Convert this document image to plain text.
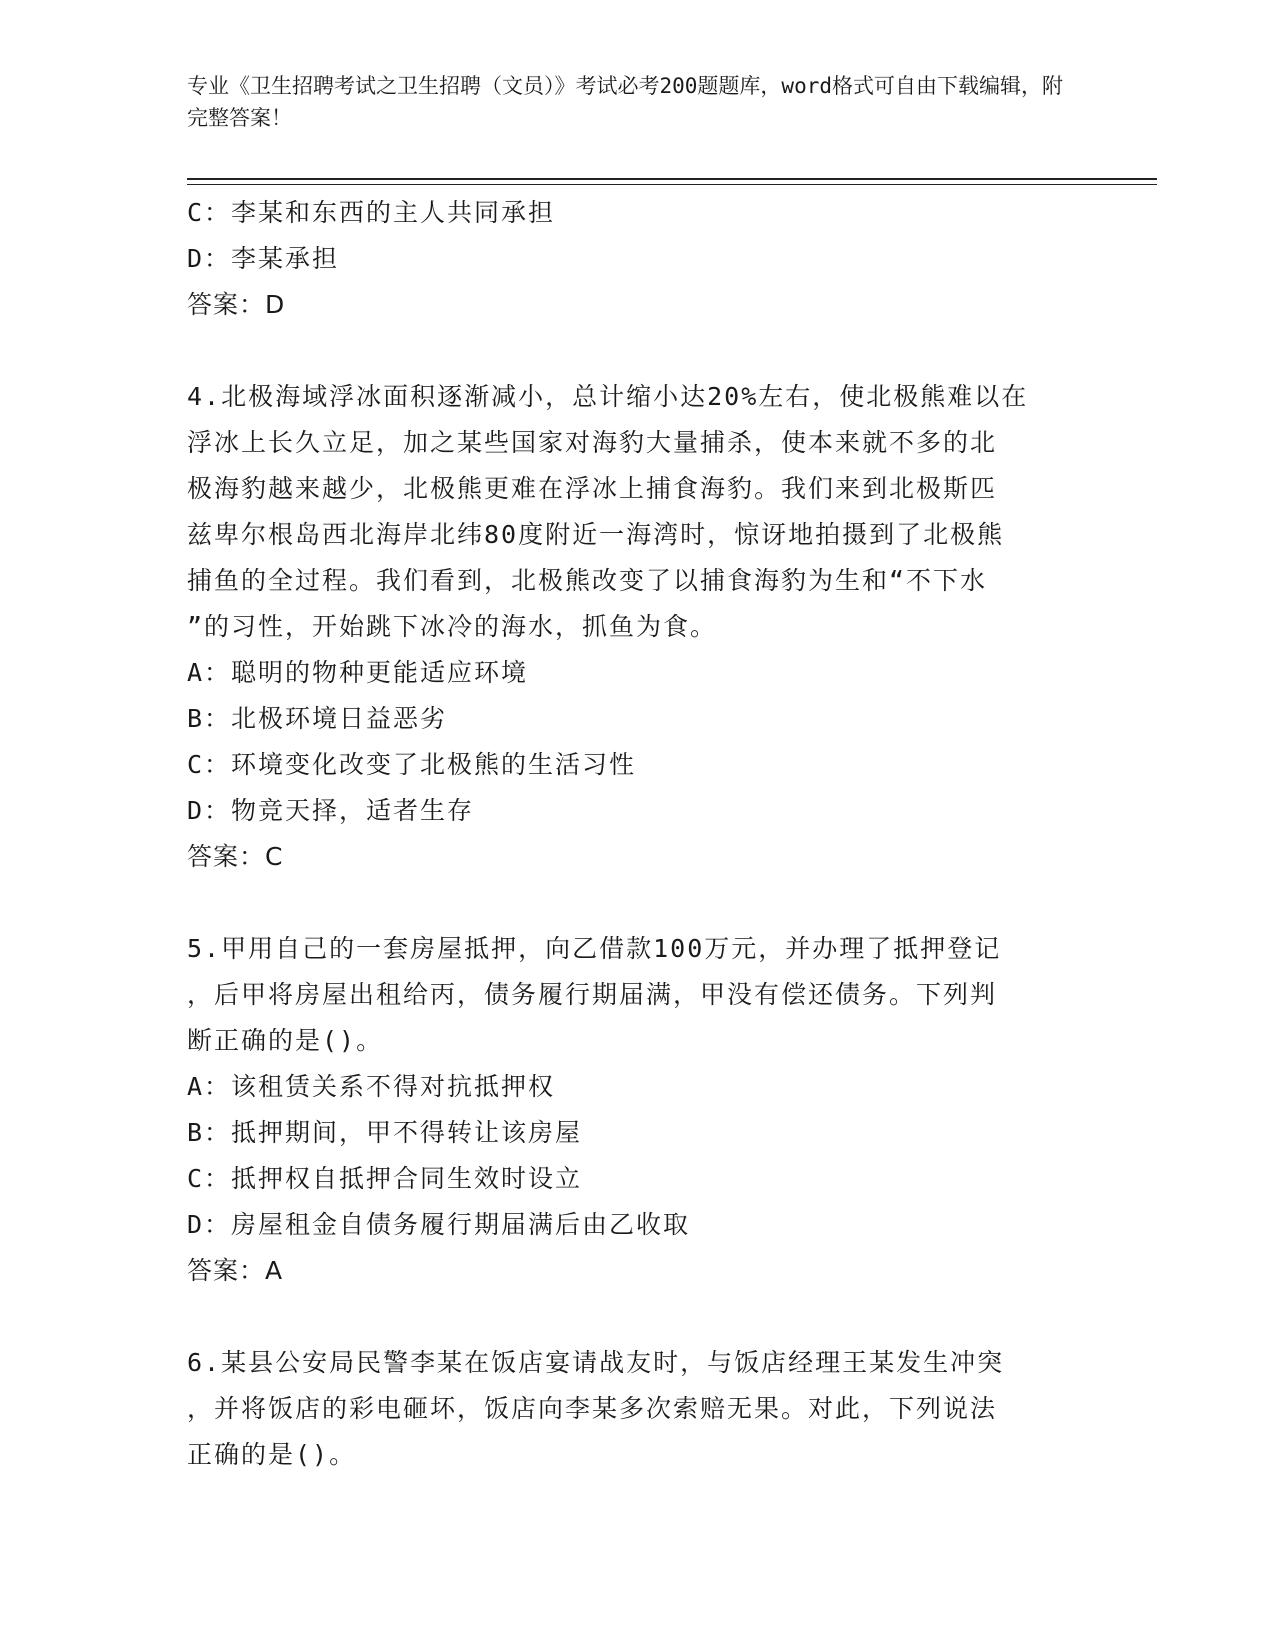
专业《卫生招聘考试之卫生招聘（文员）》考试必考200题题库，word格式可自由下载编辑，附完整答案！
C：李某和东西的主人共同承担
D：李某承担
答案：D
4.北极海域浮冰面积逐渐减小，总计缩小达20%左右，使北极熊难以在
浮冰上长久立足，加之某些国家对海豹大量捕杀，使本来就不多的北
极海豹越来越少，北极熊更难在浮冰上捕食海豹。我们来到北极斯匹
兹卑尔根岛西北海岸北纬80度附近一海湾时，惊讶地拍摄到了北极熊
捕鱼的全过程。我们看到，北极熊改变了以捕食海豹为生和“不下水
”的习性，开始跳下冰冷的海水，抓鱼为食。
A：聪明的物种更能适应环境
B：北极环境日益恶劣
C：环境变化改变了北极熊的生活习性
D：物竞天择，适者生存
答案：C
5.甲用自己的一套房屋抵押，向乙借款100万元，并办理了抵押登记
，后甲将房屋出租给丙，债务履行期届满，甲没有偿还债务。下列判
断正确的是()。
A：该租赁关系不得对抗抵押权
B：抵押期间，甲不得转让该房屋
C：抵押权自抵押合同生效时设立
D：房屋租金自债务履行期届满后由乙收取
答案：A
6.某县公安局民警李某在饭店宴请战友时，与饭店经理王某发生冲突
，并将饭店的彩电砸坏，饭店向李某多次索赔无果。对此，下列说法
正确的是()。
